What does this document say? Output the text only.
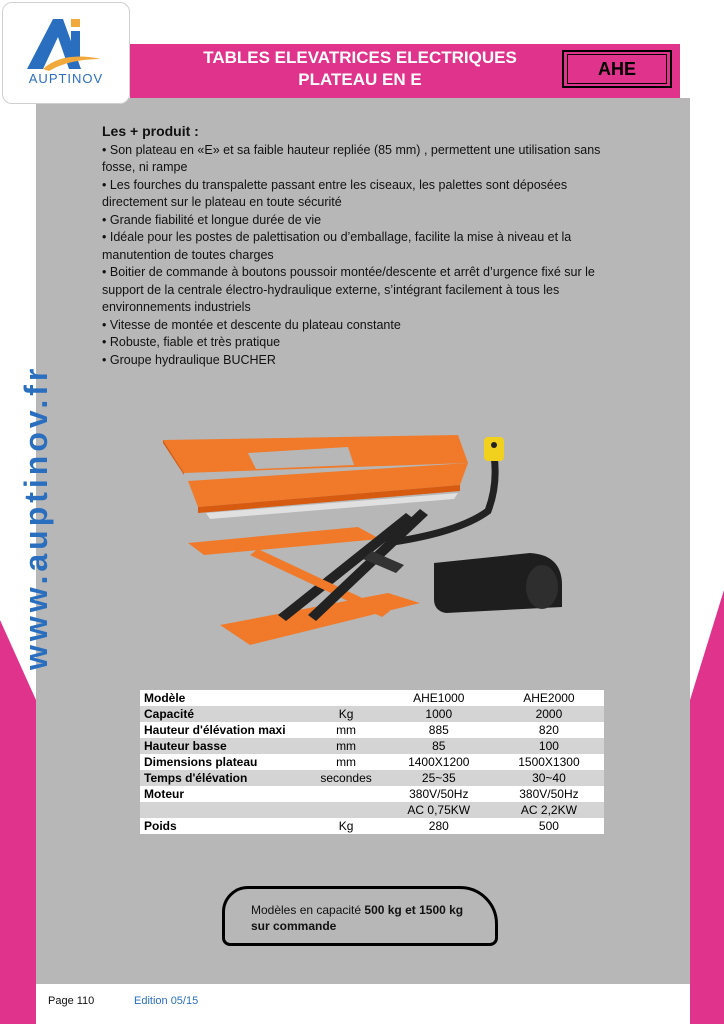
TABLES ELEVATRICES ELECTRIQUES
PLATEAU EN E
AHE
AUPTINOV
www.auptinov.fr
Les + produit :
• Son plateau en «E» et sa faible hauteur repliée (85 mm) , permettent une utilisation sans fosse, ni rampe
• Les fourches du transpalette passant entre les ciseaux, les palettes sont déposées directement sur le plateau en toute sécurité
• Grande fiabilité et longue durée de vie
• Idéale pour les postes de palettisation ou d’emballage, facilite la mise à niveau et la manutention de toutes charges
• Boitier de commande à boutons poussoir montée/descente et arrêt d’urgence fixé sur le support de la centrale électro-hydraulique externe, s’intégrant facilement à tous les environnements industriels
• Vitesse de montée et descente du plateau constante
• Robuste, fiable et très pratique
• Groupe hydraulique BUCHER
Modèle		AHE1000	AHE2000
Capacité	Kg	1000	2000
Hauteur d'élévation maxi	mm	885	820
Hauteur basse	mm	85	100
Dimensions plateau	mm	1400X1200	1500X1300
Temps d'élévation	secondes	25~35	30~40
Moteur		380V/50Hz	380V/50Hz
		AC 0,75KW	AC 2,2KW
Poids	Kg	280	500
Modèles en capacité 500 kg et 1500 kg
sur commande
Page 110	Edition 05/15
